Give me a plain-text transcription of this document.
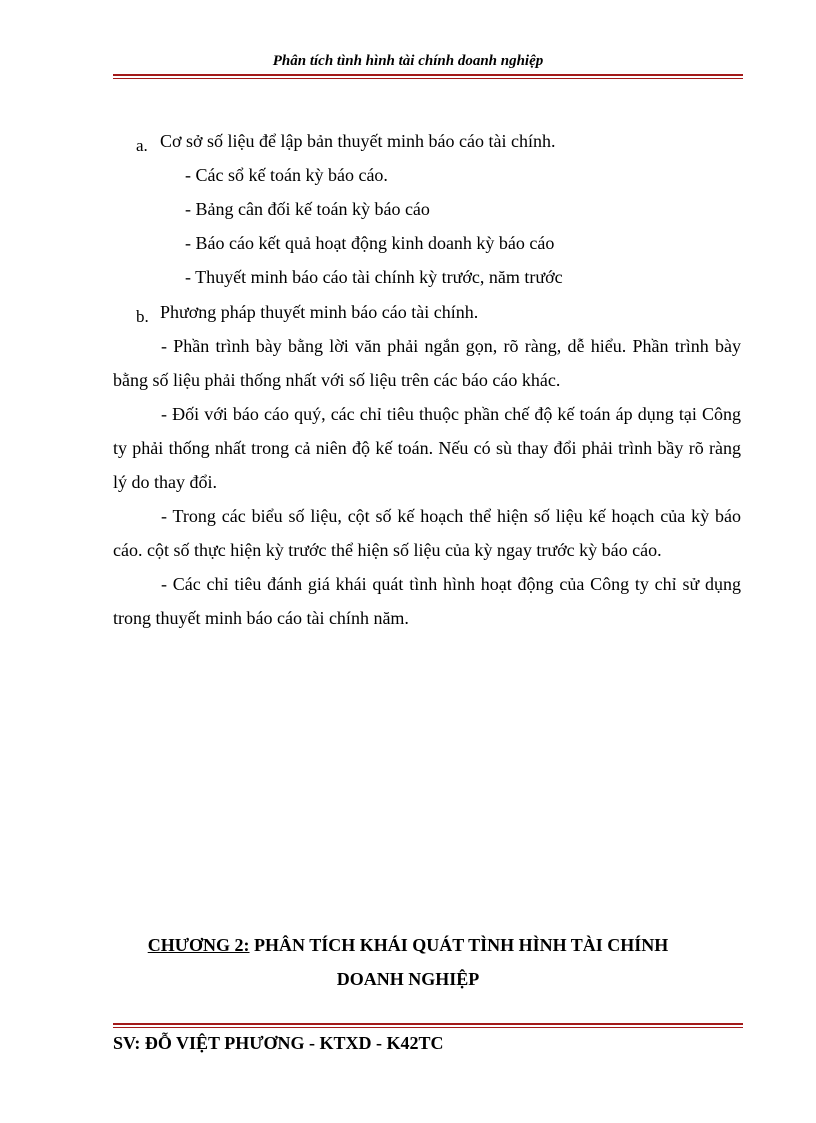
Phân tích tình hình tài chính doanh nghiệp
a. Cơ sở số liệu để lập bản thuyết minh báo cáo tài chính.
- Các sổ kế toán kỳ báo cáo.
- Bảng cân đối kế toán kỳ báo cáo
- Báo cáo kết quả hoạt động kinh doanh kỳ báo cáo
- Thuyết minh báo cáo tài chính kỳ trước, năm trước
b. Phương pháp thuyết minh báo cáo tài chính.
- Phần trình bày bằng lời văn phải ngắn gọn, rõ ràng, dễ hiểu. Phần trình bày bằng số liệu phải thống nhất với số liệu trên các báo cáo khác.
- Đối với báo cáo quý, các chỉ tiêu thuộc phần chế độ kế toán áp dụng tại Công ty phải thống nhất trong cả niên độ kế toán. Nếu có sù thay đổi phải trình bầy rõ ràng lý do thay đổi.
- Trong các biểu số liệu, cột số kế hoạch thể hiện số liệu kế hoạch của kỳ báo cáo. cột số thực hiện kỳ trước thể hiện số liệu của kỳ ngay trước kỳ báo cáo.
- Các chỉ tiêu đánh giá khái quát tình hình hoạt động của Công ty chỉ sử dụng trong thuyết minh báo cáo tài chính năm.
CHƯƠNG 2: PHÂN TÍCH KHÁI QUÁT TÌNH HÌNH TÀI CHÍNH
DOANH NGHIỆP
SV: ĐỖ VIỆT PHƯƠNG - KTXD - K42TC
